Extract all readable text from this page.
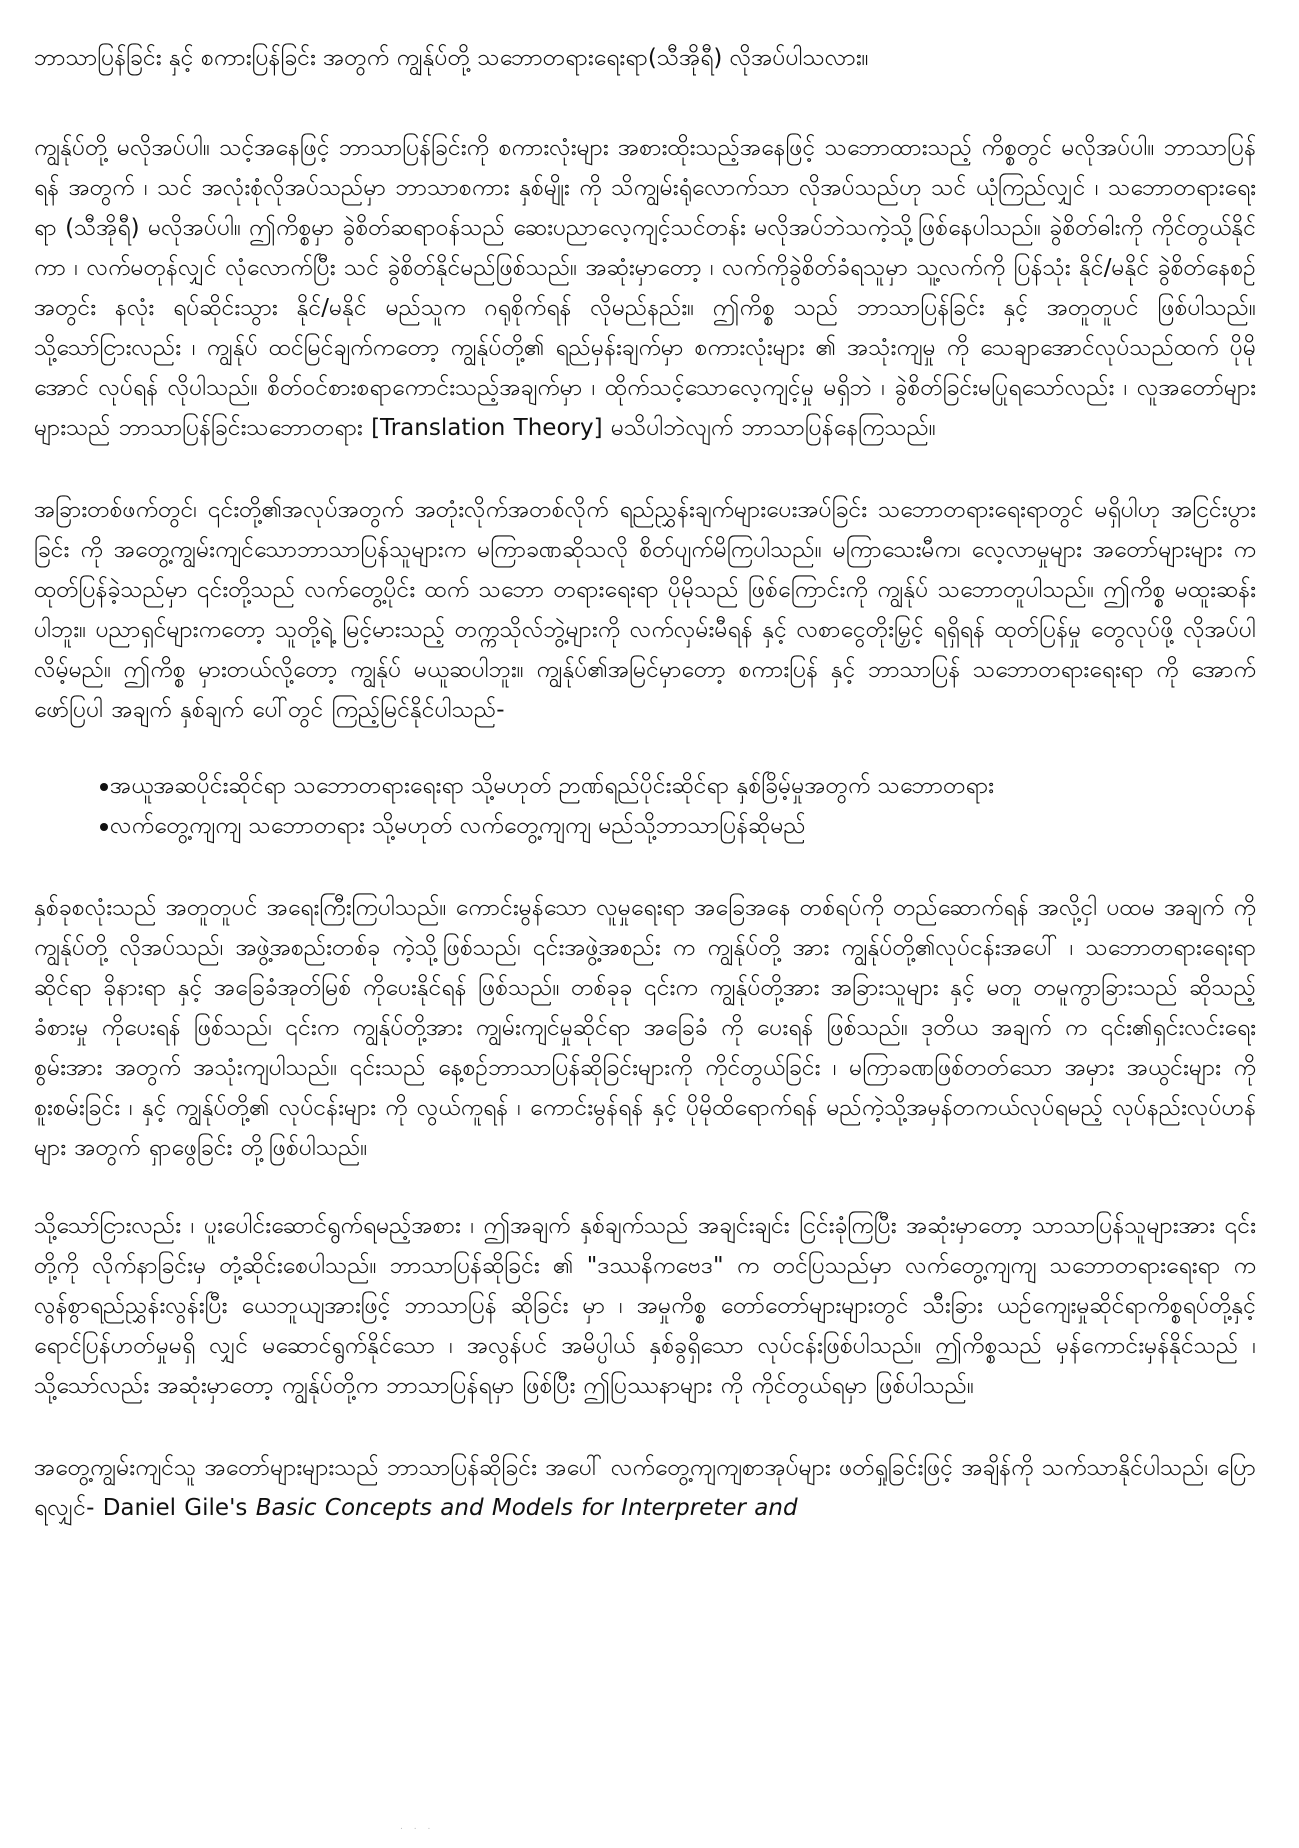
ဘာသာပြန်ခြင်း နှင့် စကားပြန်ခြင်း အတွက် ကျွန်ုပ်တို့ သဘောတရားရေးရာ(သီအိုရီ) လိုအပ်ပါသလား။

ကျွန်ုပ်တို့ မလိုအပ်ပါ။ သင့်အနေဖြင့် ဘာသာပြန်ခြင်းကို စကားလုံးများ အစားထိုးသည့်အနေဖြင့် သဘောထားသည့် ကိစ္စတွင် မလိုအပ်ပါ။ ဘာသာပြန်ရန် အတွက် ၊ သင် အလုံးစုံလိုအပ်သည်မှာ ဘာသာစကား နှစ်မျိုး ကို သိကျွမ်းရုံလောက်သာ လိုအပ်သည်ဟု သင် ယုံကြည်လျှင် ၊ သဘောတရားရေးရာ (သီအိုရီ) မလိုအပ်ပါ။ ဤကိစ္စမှာ ခွဲစိတ်ဆရာဝန်သည် ဆေးပညာလေ့ကျင့်သင်တန်း မလိုအပ်ဘဲသကဲ့သို့ဖြစ်နေပါသည်။ ခွဲစိတ်ဓါးကို ကိုင်တွယ်နိုင်ကာ ၊ လက်မတုန်လျှင် လုံလောက်ပြီး သင် ခွဲစိတ်နိုင်မည်ဖြစ်သည်။ အဆုံးမှာတော့ ၊ လက်ကိုခွဲစိတ်ခံရသူမှာ သူ့လက်ကို ပြန်သုံး နိုင်/မနိုင် ခွဲစိတ်နေစဉ်အတွင်း နလုံး ရပ်ဆိုင်းသွား နိုင်/မနိုင် မည်သူက ဂရုစိုက်ရန် လိုမည်နည်း။ ဤကိစ္စ သည် ဘာသာပြန်ခြင်း နှင့် အတူတူပင် ဖြစ်ပါသည်။ သို့သော်ငြားလည်း ၊ ကျွန်ုပ် ထင်မြင်ချက်ကတော့ ကျွန်ုပ်တို့၏ ရည်မှန်းချက်မှာ စကားလုံးများ ၏ အသုံးကျမှု ကို သေချာအောင်လုပ်သည်ထက် ပိုမိုအောင် လုပ်ရန် လိုပါသည်။ စိတ်ဝင်စားစရာကောင်းသည့်အချက်မှာ ၊ ထိုက်သင့်သောလေ့ကျင့်မှု မရှိဘဲ ၊ ခွဲစိတ်ခြင်းမပြုရသော်လည်း ၊ လူအတော်များများသည် ဘာသာပြန်ခြင်းသဘောတရား [Translation Theory] မသိပါဘဲလျက် ဘာသာပြန်နေကြသည်။

အခြားတစ်ဖက်တွင်၊ ၎င်းတို့၏အလုပ်အတွက် အတုံးလိုက်အတစ်လိုက် ရည်ညွှန်းချက်များပေးအပ်ခြင်း သဘောတရားရေးရာတွင် မရှိပါဟု အငြင်းပွားခြင်း ကို အတွေ့ကျွမ်းကျင်သောဘာသာပြန်သူများက မကြာခဏဆိုသလို စိတ်ပျက်မိကြပါသည်။ မကြာသေးမီက၊ လေ့လာမှုများ အတော်များများ က ထုတ်ပြန်ခဲ့သည်မှာ ၎င်းတို့သည် လက်တွေ့ပိုင်း ထက် သဘော တရားရေးရာ ပိုမိုသည် ဖြစ်ကြောင်းကို ကျွန်ုပ် သဘောတူပါသည်။ ဤကိစ္စ မထူးဆန်းပါဘူး။ ပညာရှင်များကတော့ သူတို့ရဲ့ မြင့်မားသည့် တက္ကသိုလ်ဘွဲ့များကို လက်လှမ်းမီရန် နှင့် လစာငွေတိုးမြှင့် ရရှိရန် ထုတ်ပြန်မှု တွေလုပ်ဖို့ လိုအပ်ပါ လိမ့်မည်။ ဤကိစ္စ မှားတယ်လို့တော့ ကျွန်ုပ် မယူဆပါဘူး။ ကျွန်ုပ်၏အမြင်မှာတော့ စကားပြန် နှင့် ဘာသာပြန် သဘောတရားရေးရာ ကို အောက်ဖော်ပြပါ အချက် နှစ်ချက် ပေါ်တွင် ကြည့်မြင်နိုင်ပါသည်-

အယူအဆပိုင်းဆိုင်ရာ သဘောတရားရေးရာ သို့မဟုတ် ဉာဏ်ရည်ပိုင်းဆိုင်ရာ နှစ်ခြိမ့်မှုအတွက် သဘောတရား
လက်တွေ့ကျကျ သဘောတရား သို့မဟုတ် လက်တွေ့ကျကျ မည်သို့ဘာသာပြန်ဆိုမည်

နှစ်ခုစလုံးသည် အတူတူပင် အရေးကြီးကြပါသည်။ ကောင်းမွန်သော လူမှုရေးရာ အခြေအနေ တစ်ရပ်ကို တည်ဆောက်ရန် အလို့ငှါ ပထမ အချက် ကို ကျွန်ုပ်တို့ လိုအပ်သည်၊ အဖွဲ့အစည်းတစ်ခု ကဲ့သို့ဖြစ်သည်၊ ၎င်းအဖွဲ့အစည်း က ကျွန်ုပ်တို့ အား ကျွန်ုပ်တို့၏လုပ်ငန်းအပေါ် ၊ သဘောတရားရေးရာဆိုင်ရာ ခိုနားရာ နှင့် အခြေခံအုတ်မြစ် ကိုပေးနိုင်ရန် ဖြစ်သည်။ တစ်ခုခု ၎င်းက ကျွန်ုပ်တို့အား အခြားသူများ နှင့် မတူ တမူကွာခြားသည် ဆိုသည့် ခံစားမှု ကိုပေးရန် ဖြစ်သည်၊ ၎င်းက ကျွန်ုပ်တို့အား ကျွမ်းကျင်မှုဆိုင်ရာ အခြေခံ ကို ပေးရန် ဖြစ်သည်။ ဒုတိယ အချက် က ၎င်း၏ရှင်းလင်းရေး စွမ်းအား အတွက် အသုံးကျပါသည်။ ၎င်းသည် နေ့စဉ်ဘာသာပြန်ဆိုခြင်းများကို ကိုင်တွယ်ခြင်း ၊ မကြာခဏဖြစ်တတ်သော အမှား အယွင်းများ ကို စူးစမ်းခြင်း ၊ နှင့် ကျွန်ုပ်တို့၏ လုပ်ငန်းများ ကို လွယ်ကူရန် ၊ ကောင်းမွန်ရန် နှင့် ပိုမိုထိရောက်ရန် မည်ကဲ့သို့အမှန်တကယ်လုပ်ရမည့် လုပ်နည်းလုပ်ဟန်များ အတွက် ရှာဖွေခြင်း တို့ဖြစ်ပါသည်။

သို့သော်ငြားလည်း ၊ ပူးပေါင်းဆောင်ရွက်ရမည့်အစား ၊ ဤအချက် နှစ်ချက်သည် အချင်းချင်း ငြင်းခုံကြပြီး အဆုံးမှာတော့ သာသာပြန်သူများအား ၎င်းတို့ကို လိုက်နာခြင်းမှ တုံ့ဆိုင်းစေပါသည်။ ဘာသာပြန်ဆိုခြင်း ၏ "ဒဿနိကဗေဒ" က တင်ပြသည်မှာ လက်တွေ့ကျကျ သဘောတရားရေးရာ က လွန်စွာရည်ညွှန်းလွန်းပြီး ယေဘူယျအားဖြင့် ဘာသာပြန် ဆိုခြင်း မှာ ၊ အမှုကိစ္စ တော်တော်များများတွင် သီးခြား ယဉ်ကျေးမှုဆိုင်ရာကိစ္စရပ်တို့နှင့် ရောင်ပြန်ဟတ်မှုမရှိ လျှင် မဆောင်ရွက်နိုင်သော ၊ အလွန်ပင် အမိပ္ပါယ် နှစ်ခွရှိသော လုပ်ငန်းဖြစ်ပါသည်။ ဤကိစ္စသည် မှန်ကောင်းမှန်နိုင်သည် ၊ သို့သော်လည်း အဆုံးမှာတော့ ကျွန်ုပ်တို့က ဘာသာပြန်ရမှာ ဖြစ်ပြီး ဤပြဿနာများ ကို ကိုင်တွယ်ရမှာ ဖြစ်ပါသည်။

အတွေ့ကျွမ်းကျင်သူ အတော်များများသည် ဘာသာပြန်ဆိုခြင်း အပေါ် လက်တွေ့ကျကျစာအုပ်များ ဖတ်ရှုခြင်းဖြင့် အချိန်ကို သက်သာနိုင်ပါသည်၊ ပြောရလျှင်- Daniel Gile's Basic Concepts and Models for Interpreter and

. . .
